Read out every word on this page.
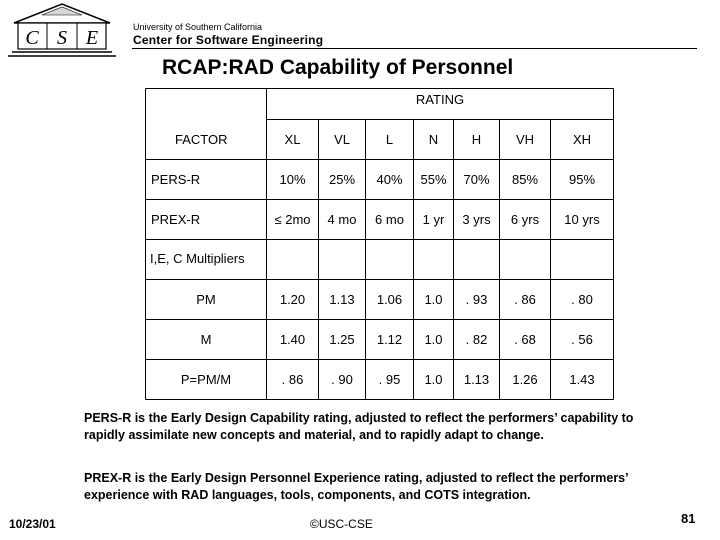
C S E	University of Southern California
Center for Software Engineering
RCAP:RAD Capability of Personnel
RATING
FACTOR	XL	VL	L	N	H	VH	XH
PERS-R	10%	25%	40%	55%	70%	85%	95%
PREX-R	≤ 2mo	4 mo	6 mo	1 yr	3 yrs	6 yrs	10 yrs
I,E, C Multipliers
PM	1.20	1.13	1.06	1.0	. 93	. 86	. 80
M	1.40	1.25	1.12	1.0	. 82	. 68	. 56
P=PM/M	. 86	. 90	. 95	1.0	1.13	1.26	1.43
PERS-R is the Early Design Capability rating, adjusted to reflect the performers’ capability to rapidly assimilate new concepts and material, and to rapidly adapt to change.
PREX-R is the Early Design Personnel Experience rating, adjusted to reflect the performers’ experience with RAD languages, tools, components, and COTS integration.
10/23/01	©USC-CSE	81
